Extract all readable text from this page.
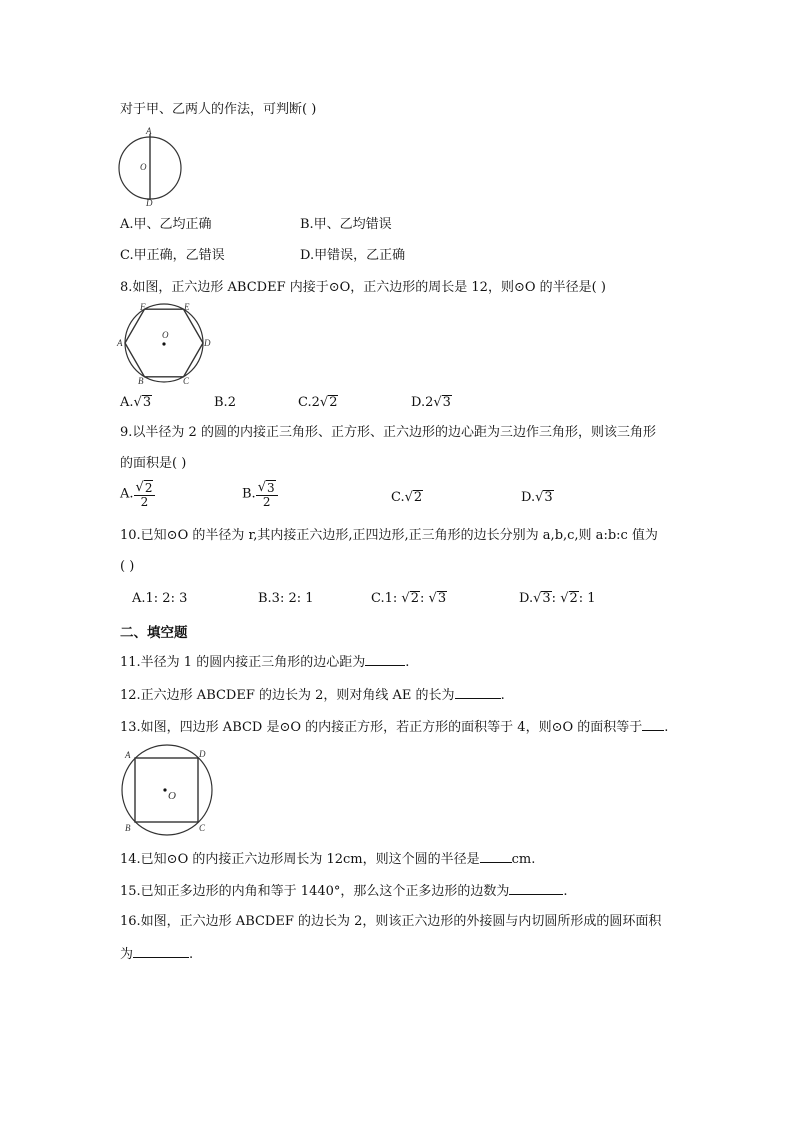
对于甲、乙两人的作法，可判断( )
A
O
D
A.甲、乙均正确	B.甲、乙均错误
C.甲正确，乙错误	D.甲错误，乙正确
8.如图，正六边形 ABCDEF 内接于⊙O，正六边形的周长是 12，则⊙O 的半径是( )
F	E
A
O
D
B	C
A. √ 3	B.2	C.2 √ 2	D.2 √ 3
9.以半径为 2 的圆的内接正三角形、正方形、正六边形的边心距为三边作三角形，则该三角形
的面积是( )
A. $\frac{√ 2}{2}$	B. $\frac{√ 3}{2}$	C. √ 2	D. √ 3
10.已知⊙O 的半径为 r,其内接正六边形,正四边形,正三角形的边长分别为 a,b,c,则 a:b:c 值为
( )
A.1: 2: 3	B.3: 2: 1	C.1: √ 2 : √ 3	D. √ 3 : √ 2 : 1
二、填空题
11.半径为 1 的圆内接正三角形的边心距为	.
12.正六边形 ABCDEF 的边长为 2，则对角线 AE 的长为	.
13.如图，四边形 ABCD 是⊙O 的内接正方形，若正方形的面积等于 4，则⊙O 的面积等于 .
A	D
O
B	C
14.已知⊙O 的内接正六边形周长为 12cm，则这个圆的半径是 cm.
15.已知正多边形的内角和等于 1440°，那么这个正多边形的边数为	.
16.如图，正六边形 ABCDEF 的边长为 2，则该正六边形的外接圆与内切圆所形成的圆环面积
为	.
